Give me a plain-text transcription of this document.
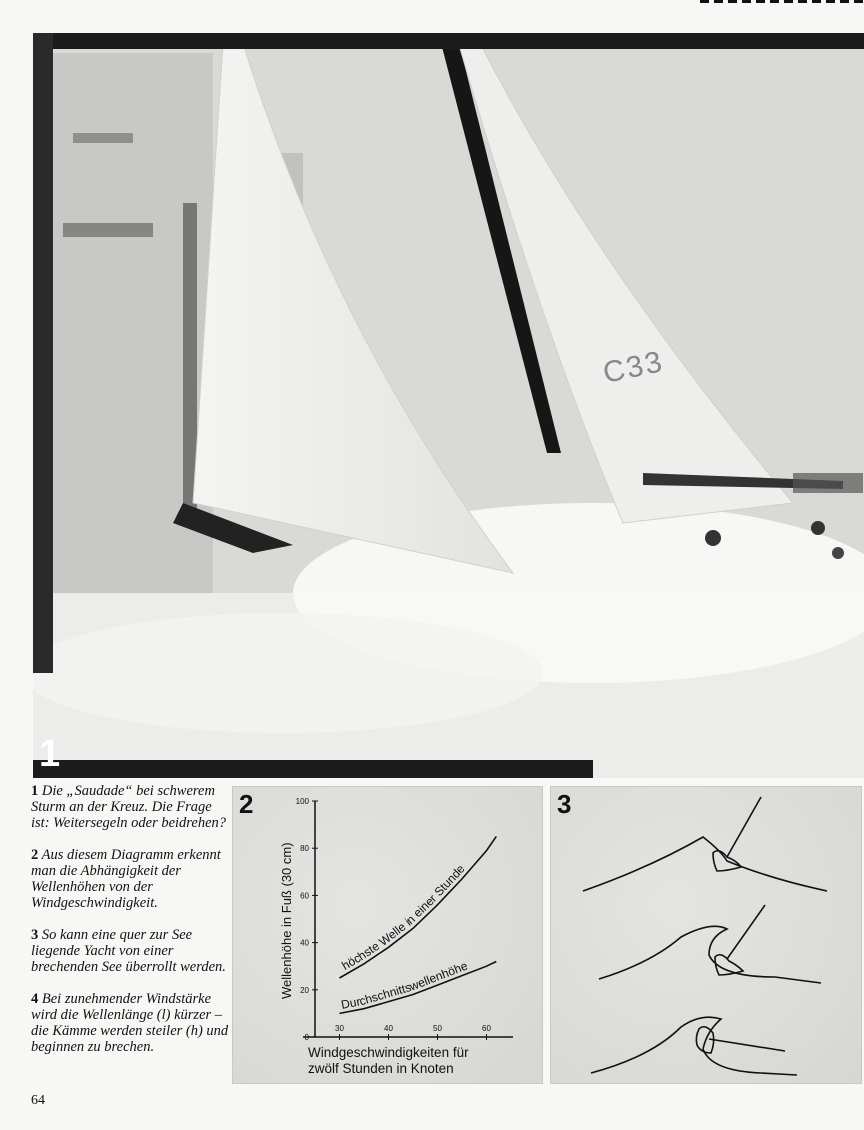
C33
1

1 Die „Saudade“ bei schwerem Sturm an der Kreuz. Die Frage ist: Weitersegeln oder beidrehen?

2 Aus diesem Diagramm erkennt man die Abhängigkeit der Wellenhöhen von der Windgeschwindigkeit.

3 So kann eine quer zur See liegende Yacht von einer brechenden See überrollt werden.

4 Bei zunehmender Windstärke wird die Wellenlänge (l) kürzer – die Kämme werden steiler (h) und beginnen zu brechen.

64
0
20
40
60
80
100
30	40	50	60
höchste Welle in einer Stunde
Durchschnittswellenhöhe
Wellenhöhe in Fuß (30 cm)
2
Windgeschwindigkeiten für
zwölf Stunden in Knoten
3
